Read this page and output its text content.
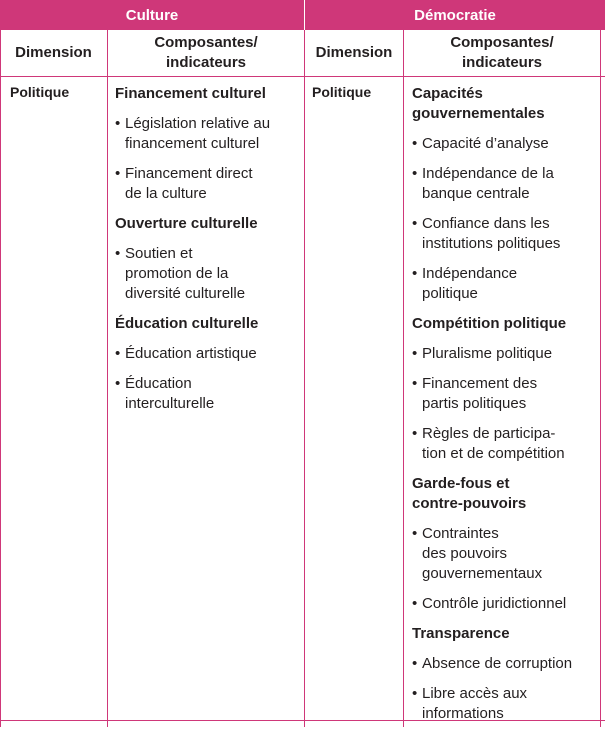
Culture	Démocratie
Dimension
Composantes/
indicateurs
Dimension
Composantes/
indicateurs
Politique	Politique
Financement culturel
• Législation relative au
financement culturel
• Financement direct
de la culture
Ouverture culturelle
• Soutien et
promotion de la
diversité culturelle
Éducation culturelle
• Éducation artistique
• Éducation
interculturelle
Capacités
gouvernementales
• Capacité d’analyse
• Indépendance de la
banque centrale
• Confiance dans les
institutions politiques
• Indépendance
politique
Compétition politique
• Pluralisme politique
• Financement des
partis politiques
• Règles de participa-
tion et de compétition
Garde-fous et
contre-pouvoirs
• Contraintes
des pouvoirs
gouvernementaux
• Contrôle juridictionnel
Transparence
• Absence de corruption
• Libre accès aux
informations
